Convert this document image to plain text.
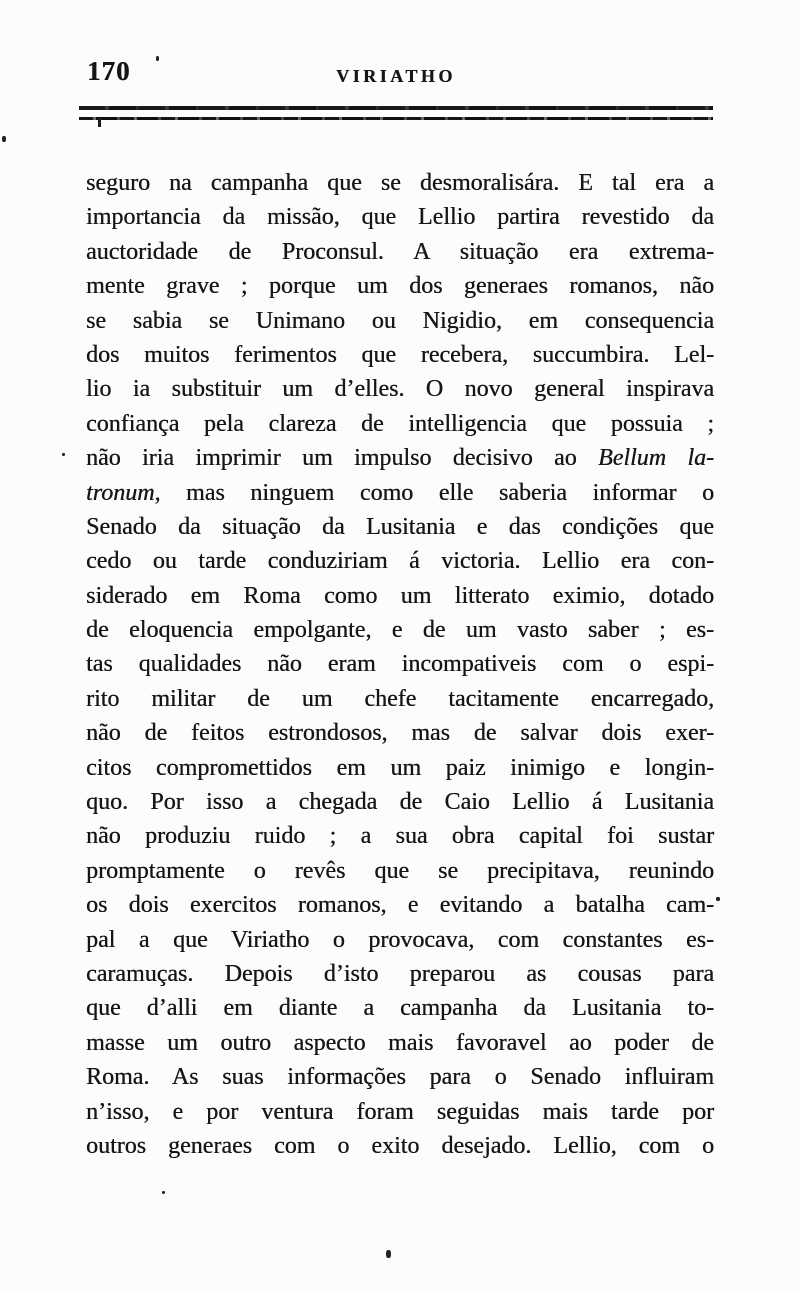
170	VIRIATHO
seguro na campanha que se desmoralisára. E tal era a
importancia da missão, que Lellio partira revestido da
auctoridade de Proconsul. A situação era extrema-
mente grave ; porque um dos generaes romanos, não
se sabia se Unimano ou Nigidio, em consequencia
dos muitos ferimentos que recebera, succumbira. Lel-
lio ia substituir um d’elles. O novo general inspirava
confiança pela clareza de intelligencia que possuia ;
não iria imprimir um impulso decisivo ao Bellum la-
tronum, mas ninguem como elle saberia informar o
Senado da situação da Lusitania e das condições que
cedo ou tarde conduziriam á victoria. Lellio era con-
siderado em Roma como um litterato eximio, dotado
de eloquencia empolgante, e de um vasto saber ; es-
tas qualidades não eram incompativeis com o espi-
rito militar de um chefe tacitamente encarregado,
não de feitos estrondosos, mas de salvar dois exer-
citos compromettidos em um paiz inimigo e longin-
quo. Por isso a chegada de Caio Lellio á Lusitania
não produziu ruido ; a sua obra capital foi sustar
promptamente o revês que se precipitava, reunindo
os dois exercitos romanos, e evitando a batalha cam-
pal a que Viriatho o provocava, com constantes es-
caramuças. Depois d’isto preparou as cousas para
que d’alli em diante a campanha da Lusitania to-
masse um outro aspecto mais favoravel ao poder de
Roma. As suas informações para o Senado influiram
n’isso, e por ventura foram seguidas mais tarde por
outros generaes com o exito desejado. Lellio, com o
